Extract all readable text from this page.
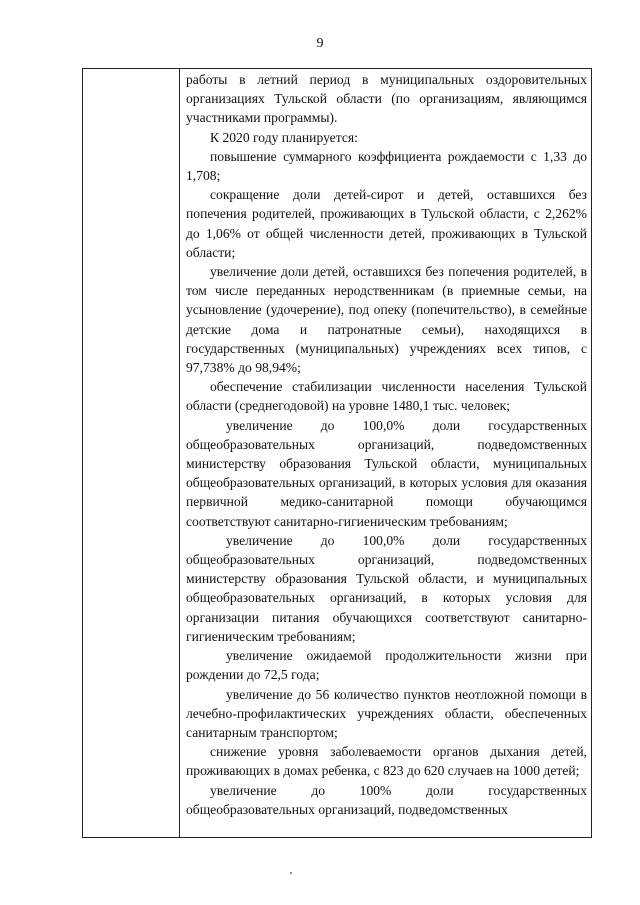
9

работы в летний период в муниципальных оздоровительных организациях Тульской области (по организациям, являющимся участниками программы).

К 2020 году планируется:

повышение суммарного коэффициента рождаемости с 1,33 до 1,708;

сокращение доли детей-сирот и детей, оставшихся без попечения родителей, проживающих в Тульской области, с 2,262% до 1,06% от общей численности детей, проживающих в Тульской области;

увеличение доли детей, оставшихся без попечения родителей, в том числе переданных неродственникам (в приемные семьи, на усыновление (удочерение), под опеку (попечительство), в семейные детские дома и патронатные семьи), находящихся в государственных (муниципальных) учреждениях всех типов, с 97,738% до 98,94%;

обеспечение стабилизации численности населения Тульской области (среднегодовой) на уровне 1480,1 тыс. человек;

увеличение до 100,0% доли государственных общеобразовательных организаций, подведомственных министерству образования Тульской области, муниципальных общеобразовательных организаций, в которых условия для оказания первичной медико-санитарной помощи обучающимся соответствуют санитарно-гигиеническим требованиям;

увеличение до 100,0% доли государственных общеобразовательных организаций, подведомственных министерству образования Тульской области, и муниципальных общеобразовательных организаций, в которых условия для организации питания обучающихся соответствуют санитарно-гигиеническим требованиям;

увеличение ожидаемой продолжительности жизни при рождении до 72,5 года;

увеличение до 56 количество пунктов неотложной помощи в лечебно-профилактических учреждениях области, обеспеченных санитарным транспортом;

снижение уровня заболеваемости органов дыхания детей, проживающих в домах ребенка, с 823 до 620 случаев на 1000 детей;

увеличение до 100% доли государственных общеобразовательных организаций, подведомственных
